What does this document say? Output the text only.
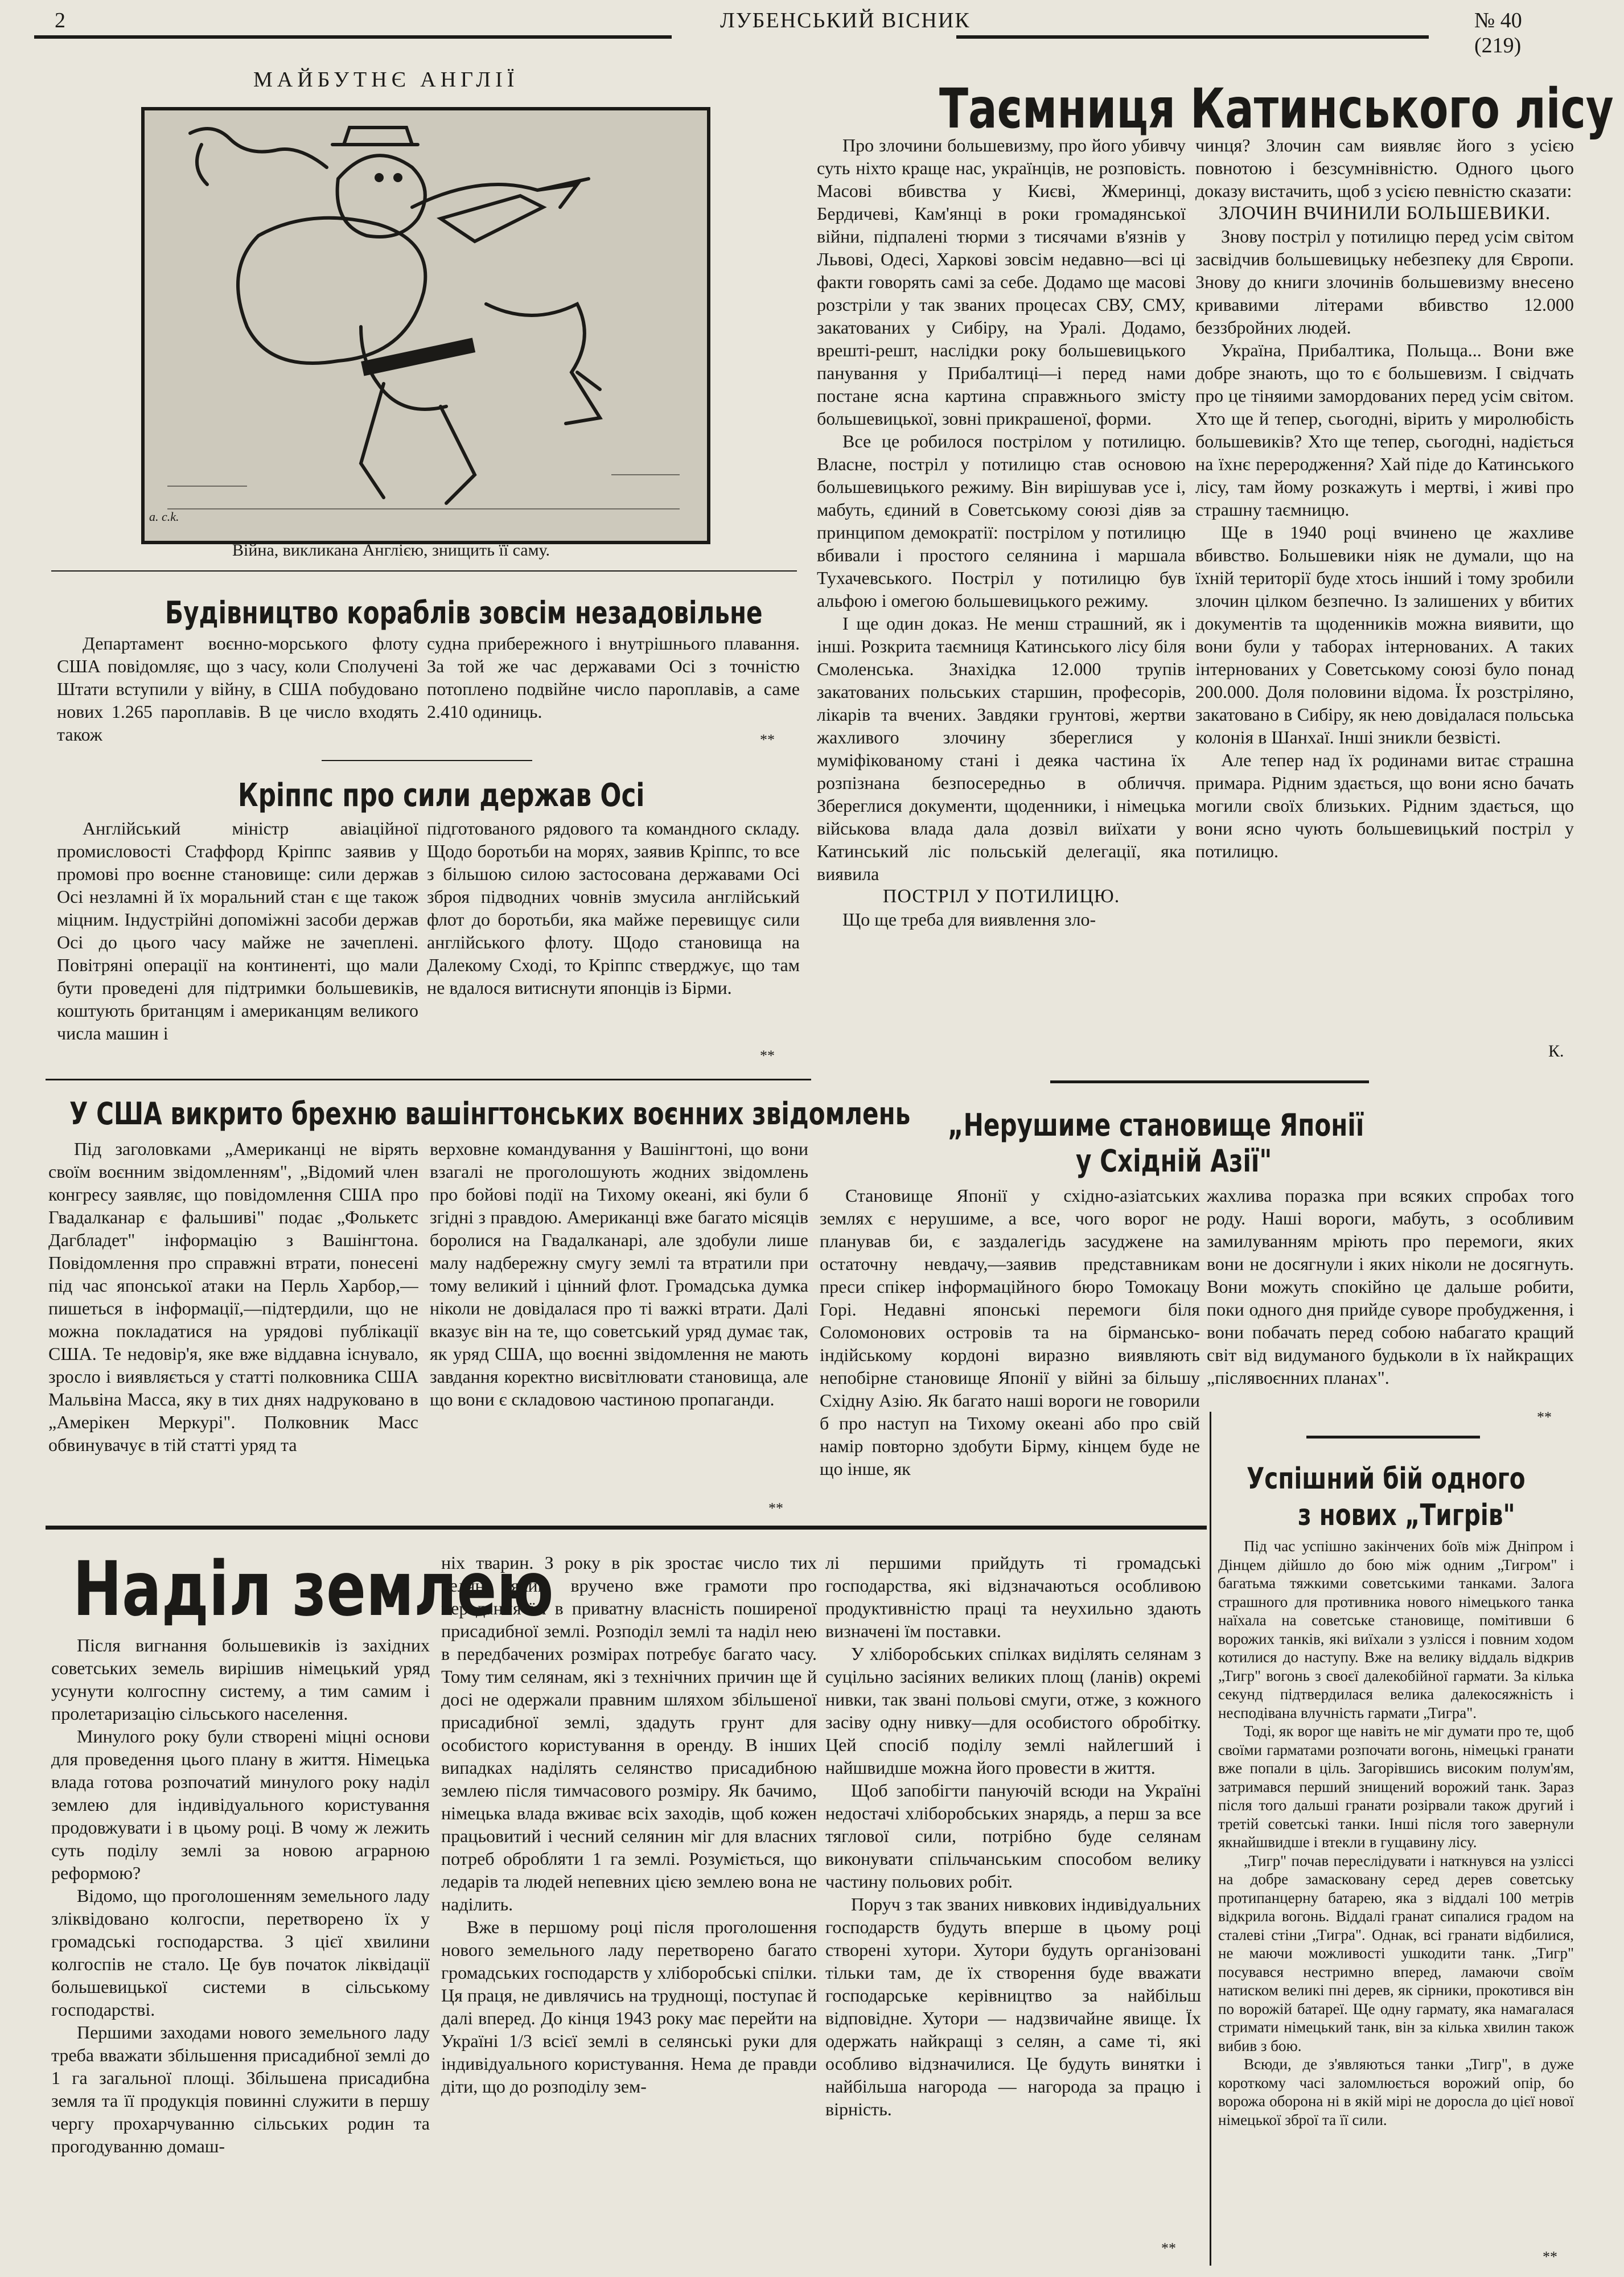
2	ЛУБЕНСЬКИЙ ВІСНИК	№ 40 (219)
МАЙБУТНЄ АНГЛІЇ
a. c.k.
Війна, викликана Англією, знищить її саму.
Таємниця Катинського лісу

Про злочини большевизму, про його убивчу суть ніхто краще нас, українців, не розповість. Масові вбивства у Києві, Жмеринці, Бердичеві, Кам'янці в роки громадянської війни, підпалені тюрми з тисячами в'язнів у Львові, Одесі, Харкові зовсім недавно—всі ці факти говорять самі за себе. Додамо ще масові розстріли у так званих процесах СВУ, СМУ, закатованих у Сибіру, на Уралі. Додамо, врешті-решт, наслідки року большевицького панування у Прибалтиці—і перед нами постане ясна картина справжнього змісту большевицької, зовні прикрашеної, форми.

Все це робилося пострілом у потилицю. Власне, постріл у потилицю став основою большевицького режиму. Він вирішував усе і, мабуть, єдиний в Советському союзі діяв за принципом демократії: пострілом у потилицю вбивали і простого селянина і маршала Тухачевського. Постріл у потилицю був альфою і омегою большевицького режиму.

І ще один доказ. Не менш страшний, як і інші. Розкрита таємниця Катинського лісу біля Смоленська. Знахідка 12.000 трупів закатованих польських старшин, професорів, лікарів та вчених. Завдяки грунтові, жертви жахливого злочину збереглися у муміфікованому стані і деяка частина їх розпізнана безпосередньо в обличчя. Збереглися документи, щоденники, і німецька військова влада дала дозвіл виїхати у Катинський ліс польській делегації, яка виявила

ПОСТРІЛ У ПОТИЛИЦЮ.

Що ще треба для виявлення зло-

чинця? Злочин сам виявляє його з усією повнотою і безсумнівністю. Одного цього доказу вистачить, щоб з усією певністю сказати:

ЗЛОЧИН ВЧИНИЛИ БОЛЬШЕВИКИ.

Знову постріл у потилицю перед усім світом засвідчив большевицьку небезпеку для Європи. Знову до книги злочинів большевизму внесено кривавими літерами вбивство 12.000 беззбройних людей.

Україна, Прибалтика, Польща... Вони вже добре знають, що то є большевизм. І свідчать про це тіняими замордованих перед усім світом. Хто ще й тепер, сьогодні, вірить у миролюбість большевиків? Хто ще тепер, сьогодні, надіється на їхнє переродження? Хай піде до Катинського лісу, там йому розкажуть і мертві, і живі про страшну таємницю.

Ще в 1940 році вчинено це жахливе вбивство. Большевики ніяк не думали, що на їхній території буде хтось інший і тому зробили злочин цілком безпечно. Із залишених у вбитих документів та щоденників можна виявити, що вони були у таборах інтернованих. А таких інтернованих у Советському союзі було понад 200.000. Доля половини відома. Їх розстріляно, закатовано в Сибіру, як нею довідалася польська колонія в Шанхаї. Інші зникли безвісті.

Але тепер над їх родинами витає страшна примара. Рідним здається, що вони ясно бачать могили своїх близьких. Рідним здається, що вони ясно чують большевицький постріл у потилицю.

К.
Будівництво кораблів зовсім незадовільне

Департамент воєнно-морського флоту США повідомляє, що з часу, коли Сполучені Штати вступили у війну, в США побудовано нових 1.265 пароплавів. В це число входять також

судна прибережного і внутрішнього плавання. За той же час державами Осі з точністю потоплено подвійне число пароплавів, а саме 2.410 одиниць.

**
Кріппс про сили держав Осі

Англійський міністр авіаційної промисловості Стаффорд Кріппс заявив у промові про воєнне становище: сили держав Осі незламні й їх моральний стан є ще також міцним. Індустрійні допоміжні засоби держав Осі до цього часу майже не зачеплені. Повітряні операції на континенті, що мали бути проведені для підтримки большевиків, коштують британцям і американцям великого числа машин і

підготованого рядового та командного складу. Щодо боротьби на морях, заявив Кріппс, то все з більшою силою застосована державами Осі зброя підводних човнів змусила англійський флот до боротьби, яка майже перевищує сили англійського флоту. Щодо становища на Далекому Сході, то Кріппс стверджує, що там не вдалося витиснути японців із Бірми.

**
У США викрито брехню вашінгтонських воєнних звідомлень

Під заголовками „Американці не вірять своїм воєнним звідомленням", „Відомий член конгресу заявляє, що повідомлення США про Гвадалканар є фальшиві" подає „Фолькетс Дагбладет" інформацію з Вашінгтона. Повідомлення про справжні втрати, понесені під час японської атаки на Перль Харбор,—пишеться в інформації,—підтердили, що не можна покладатися на урядові публікації США. Те недовір'я, яке вже віддавна існувало, зросло і виявляється у статті полковника США Мальвіна Масса, яку в тих днях надруковано в „Амерікен Меркурі". Полковник Масс обвинувачує в тій статті уряд та

верховне командування у Вашінгтоні, що вони взагалі не проголошують жодних звідомлень про бойові події на Тихому океані, які були б згідні з правдою. Американці вже багато місяців боролися на Гвадалканарі, але здобули лише малу надбережну смугу землі та втратили при тому великий і цінний флот. Громадська думка ніколи не довідалася про ті важкі втрати. Далі вказує він на те, що советський уряд думає так, як уряд США, що воєнні звідомлення не мають завдання коректно висвітлювати становища, але що вони є складовою частиною пропаганди.

**
„Нерушиме становище Японії
у Східній Азії"

Становище Японії у східно-азіатських землях є нерушиме, а все, чого ворог не планував би, є заздалегідь засуджене на остаточну невдачу,—заявив представникам преси спікер інформаційного бюро Томокацу Горі. Недавні японські перемоги біля Соломонових островів та на бірмансько-індійському кордоні виразно виявляють непобірне становище Японії у війні за більшу Східну Азію. Як багато наші вороги не говорили б про наступ на Тихому океані або про свій намір повторно здобути Бірму, кінцем буде не що інше, як

жахлива поразка при всяких спробах того роду. Наші вороги, мабуть, з особливим замилуванням мріють про перемоги, яких вони не досягнули і яких ніколи не досягнуть. Вони можуть спокійно це дальше робити, поки одного дня прийде суворе пробудження, і вони побачать перед собою набагато кращий світ від видуманого будьколи в їх найкращих „післявоєнних планах".

**
Успішний бій одного
з нових „Тигрів"

Під час успішно закінчених боїв між Дніпром і Дінцем дійшло до бою між одним „Тигром" і багатьма тяжкими советськими танками. Залога страшного для противника нового німецького танка наїхала на советське становище, помітивши 6 ворожих танків, які виїхали з узлісся і повним ходом котилися до наступу. Вже на велику віддаль відкрив „Тигр" вогонь з своєї далекобійної гармати. За кілька секунд підтвердилася велика далекосяжність і несподівана влучність гармати „Тигра".

Тоді, як ворог ще навіть не міг думати про те, щоб своїми гарматами розпочати вогонь, німецькі гранати вже попали в ціль. Загорівшись високим полум'ям, затримався перший знищений ворожий танк. Зараз після того дальші гранати розірвали також другий і третій советські танки. Інші після того завернули якнайшвидше і втекли в гущавину лісу.

„Тигр" почав переслідувати і наткнувся на узліссі на добре замасковану серед дерев советську протипанцерну батарею, яка з віддалі 100 метрів відкрила вогонь. Віддалі гранат сипалися градом на сталеві стіни „Тигра". Однак, всі гранати відбилися, не маючи можливості ушкодити танк. „Тигр" посувався нестримно вперед, ламаючи своїм натиском великі пні дерев, як сірники, прокотився він по ворожій батареї. Ще одну гармату, яка намагалася стримати німецький танк, він за кілька хвилин також вибив з бою.

Всюди, де з'являються танки „Тигр", в дуже короткому часі заломлюється ворожий опір, бо ворожа оборона ні в якій мірі не доросла до цієї нової німецької зброї та її сили.

**
Наділ землею

Після вигнання большевиків із західних советських земель вирішив німецький уряд усунути колгоспну систему, а тим самим і пролетаризацію сільського населення.

Минулого року були створені міцні основи для проведення цього плану в життя. Німецька влада готова розпочатий минулого року наділ землею для індивідуального користування продовжувати і в цьому році. В чому ж лежить суть поділу землі за новою аграрною реформою?

Відомо, що проголошенням земельного ладу зліквідовано колгоспи, перетворено їх у громадські господарства. З цієї хвилини колгоспів не стало. Це був початок ліквідації большевицької системи в сільському господарстві.

Першими заходами нового земельного ладу треба вважати збільшення присадибної землі до 1 га загальної площі. Збільшена присадибна земля та її продукція повинні служити в першу чергу прохарчуванню сільських родин та прогодуванню домаш-

ніх тварин. З року в рік зростає число тих селян, яким вручено вже грамоти про передання їм в приватну власність поширеної присадибної землі. Розподіл землі та наділ нею в передбачених розмірах потребує багато часу. Тому тим селянам, які з технічних причин ще й досі не одержали правним шляхом збільшеної присадибної землі, здадуть грунт для особистого користування в оренду. В інших випадках наділять селянство присадибною землею після тимчасового розміру. Як бачимо, німецька влада вживає всіх заходів, щоб кожен працьовитий і чесний селянин міг для власних потреб обробляти 1 га землі. Розуміється, що ледарів та людей непевних цією землею вона не наділить.

Вже в першому році після проголошення нового земельного ладу перетворено багато громадських господарств у хліборобські спілки. Ця праця, не дивлячись на труднощі, поступає й далі вперед. До кінця 1943 року має перейти на Україні 1/3 всієї землі в селянські руки для індивідуального користування. Нема де правди діти, що до розподілу зем-

лі першими прийдуть ті громадські господарства, які відзначаються особливою продуктивністю праці та неухильно здають визначені їм поставки.

У хліборобських спілках виділять селянам з суцільно засіяних великих площ (ланів) окремі нивки, так звані польові смуги, отже, з кожного засіву одну нивку—для особистого обробітку. Цей спосіб поділу землі найлегший і найшвидше можна його провести в життя.

Щоб запобігти пануючій всюди на Україні недостачі хліборобських знарядь, а перш за все тяглової сили, потрібно буде селянам виконувати спільчанським способом велику частину польових робіт.

Поруч з так званих нивкових індивідуальних господарств будуть вперше в цьому році створені хутори. Хутори будуть організовані тільки там, де їх створення буде вважати господарське керівництво за найбільш відповідне. Хутори — надзвичайне явище. Їх одержать найкращі з селян, а саме ті, які особливо відзначилися. Це будуть винятки і найбільша нагорода — нагорода за працю і вірність.

**
